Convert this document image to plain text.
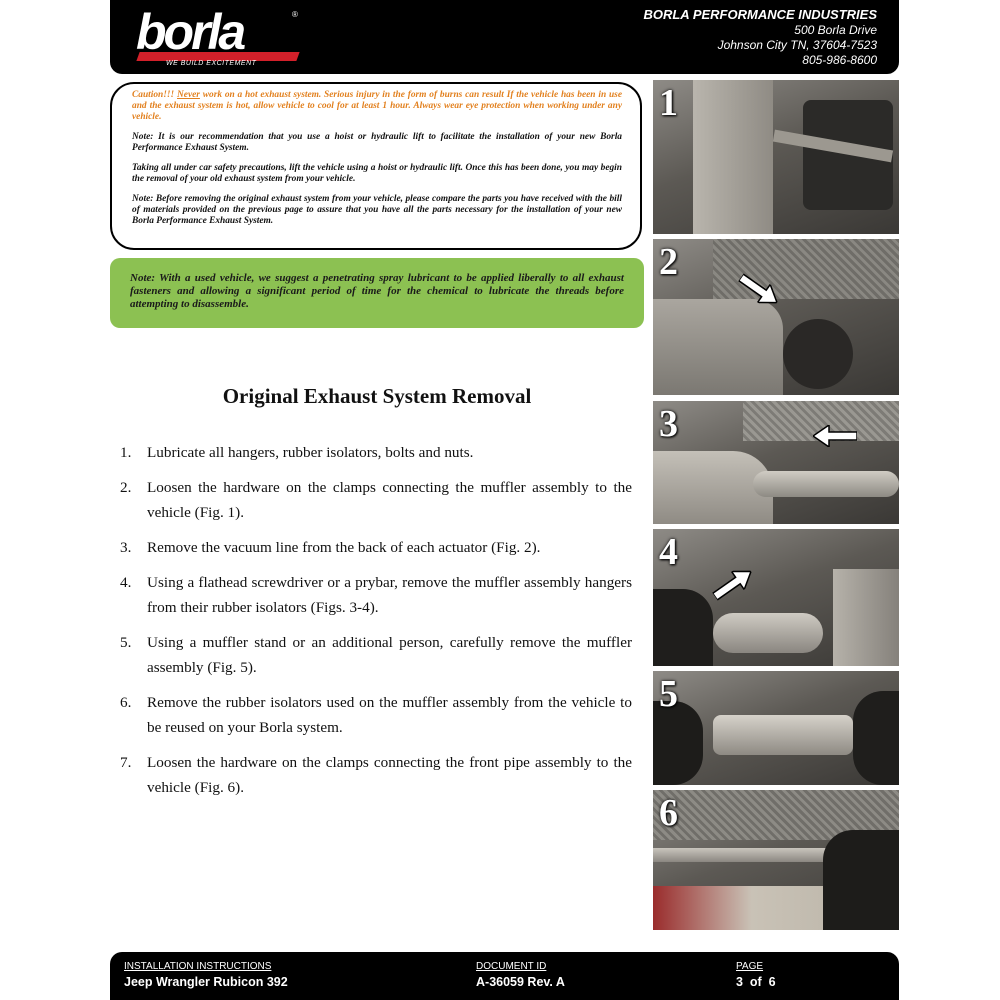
borla	®
WE BUILD EXCITEMENT
BORLA PERFORMANCE INDUSTRIES
500 Borla Drive
Johnson City TN, 37604-7523
805-986-8600

Caution!!! Never work on a hot exhaust system. Serious injury in the form of burns can result If the vehicle has been in use and the exhaust system is hot, allow vehicle to cool for at least 1 hour. Always wear eye protection when working under any vehicle.

Note: It is our recommendation that you use a hoist or hydraulic lift to facilitate the installation of your new Borla Performance Exhaust System.

Taking all under car safety precautions, lift the vehicle using a hoist or hydraulic lift. Once this has been done, you may begin the removal of your old exhaust system from your vehicle.

Note: Before removing the original exhaust system from your vehicle, please compare the parts you have received with the bill of materials provided on the previous page to assure that you have all the parts necessary for the installation of your new Borla Performance Exhaust System.

Note: With a used vehicle, we suggest a penetrating spray lubricant to be applied liberally to all exhaust fasteners and allowing a significant period of time for the chemical to lubricate the threads before attempting to disassemble.
Original Exhaust System Removal
1. Lubricate all hangers, rubber isolators, bolts and nuts.
2. Loosen the hardware on the clamps connecting the muffler assembly to the vehicle (Fig. 1).
3. Remove the vacuum line from the back of each actuator (Fig. 2).
4. Using a flathead screwdriver or a prybar, remove the muffler assembly hangers from their rubber isolators (Figs. 3-4).
5. Using a muffler stand or an additional person, carefully remove the muffler assembly (Fig. 5).
6. Remove the rubber isolators used on the muffler assembly from the vehicle to be reused on your Borla system.
7. Loosen the hardware on the clamps connecting the front pipe assembly to the vehicle (Fig. 6).
1
2
3
4
5
6
INSTALLATION INSTRUCTIONS
Jeep Wrangler Rubicon 392
DOCUMENT ID
A-36059 Rev. A
PAGE
3  of  6
